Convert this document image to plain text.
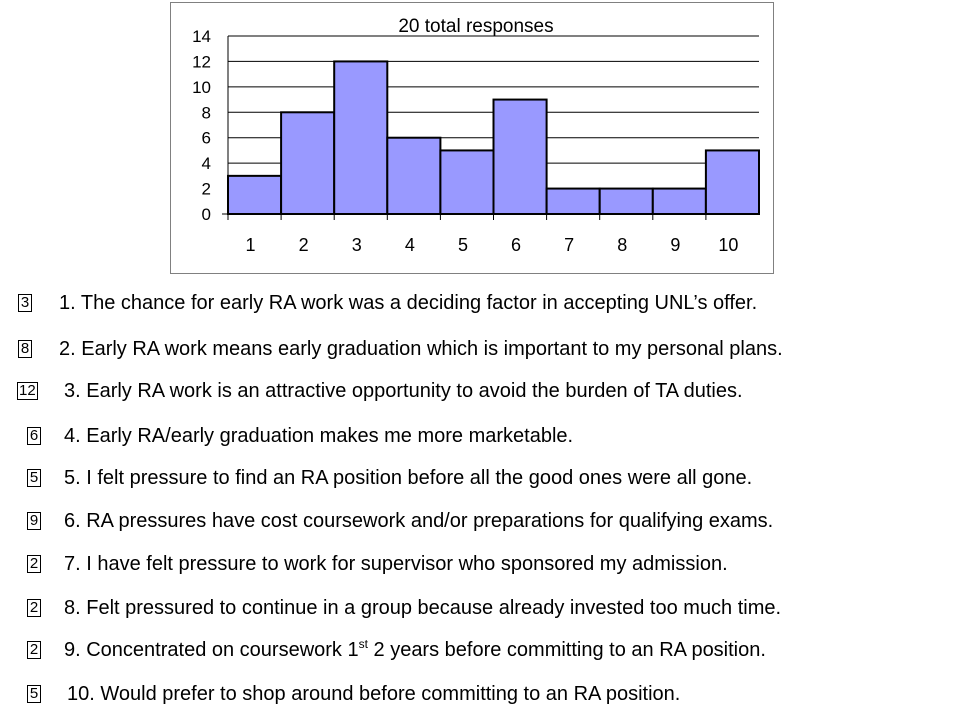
0
2
4
6
8
10
12
14
1 2 3 4 5 6 7 8 9 10
20 total responses
3 1. The chance for early RA work was a deciding factor in accepting UNL’s offer.
8 2. Early RA work means early graduation which is important to my personal plans.
12 3. Early RA work is an attractive opportunity to avoid the burden of TA duties.
6 4. Early RA/early graduation makes me more marketable.
5 5. I felt pressure to find an RA position before all the good ones were all gone.
9 6. RA pressures have cost coursework and/or preparations for qualifying exams.
2 7. I have felt pressure to work for supervisor who sponsored my admission.
2 8. Felt pressured to continue in a group because already invested too much time.
2 9. Concentrated on coursework 1st 2 years before committing to an RA position.
5 10. Would prefer to shop around before committing to an RA position.
